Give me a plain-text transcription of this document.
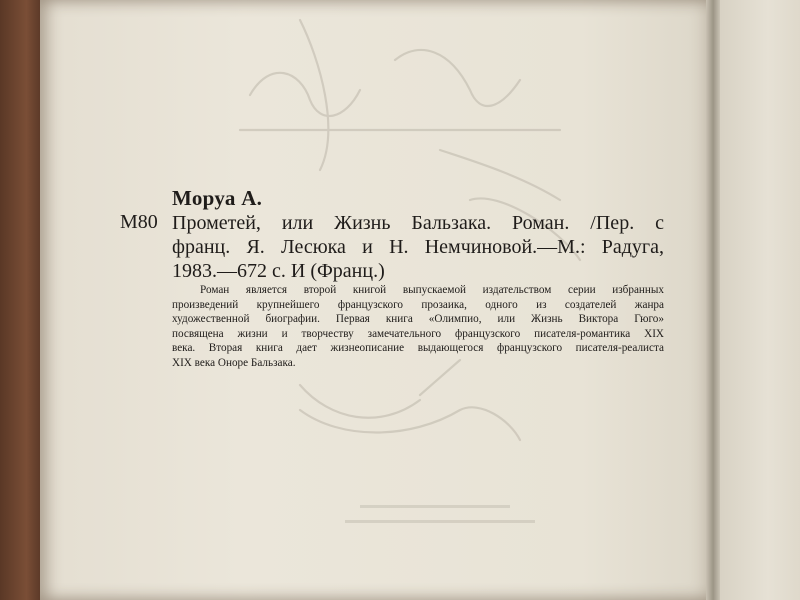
Моруа А.
М80 Прометей, или Жизнь Бальзака. Роман. /Пер. с
франц. Я. Лесюка и Н. Немчиновой.—М.: Радуга,
1983.—672 с. И (Франц.)
Роман является второй книгой выпускаемой издательством серии избранных
произведений крупнейшего французского прозаика, одного из создателей жанра
художественной биографии. Первая книга «Олимпио, или Жизнь Виктора Гюго»
посвящена жизни и творчеству замечательного французского писателя-романтика XIX
века. Вторая книга дает жизнеописание выдающегося французского писателя-реалиста
XIX века Оноре Бальзака.
